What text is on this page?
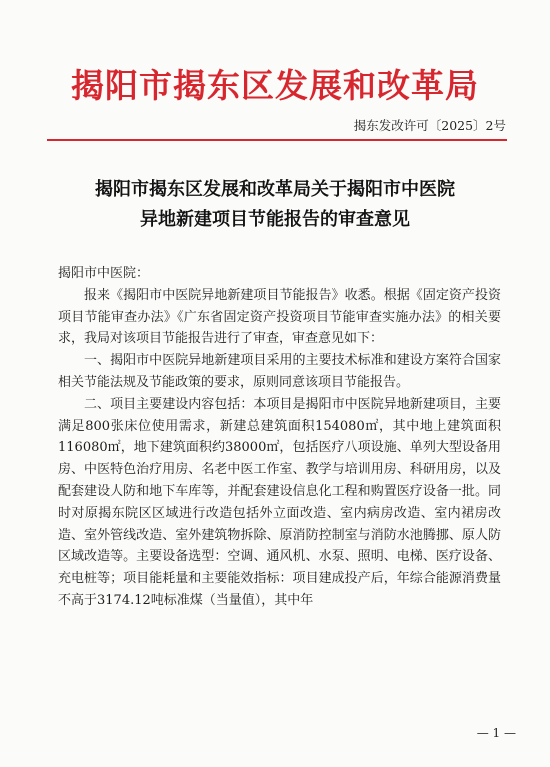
揭阳市揭东区发展和改革局
揭东发改许可〔2025〕2号
揭阳市揭东区发展和改革局关于揭阳市中医院
异地新建项目节能报告的审查意见

揭阳市中医院：

报来《揭阳市中医院异地新建项目节能报告》收悉。根据《固定资产投资项目节能审查办法》《广东省固定资产投资项目节能审查实施办法》的相关要求，我局对该项目节能报告进行了审查，审查意见如下：

一、揭阳市中医院异地新建项目采用的主要技术标准和建设方案符合国家相关节能法规及节能政策的要求，原则同意该项目节能报告。

二、项目主要建设内容包括：本项目是揭阳市中医院异地新建项目，主要满足800张床位使用需求，新建总建筑面积154080㎡，其中地上建筑面积116080㎡，地下建筑面积约38000㎡，包括医疗八项设施、单列大型设备用房、中医特色治疗用房、名老中医工作室、教学与培训用房、科研用房，以及配套建设人防和地下车库等，并配套建设信息化工程和购置医疗设备一批。同时对原揭东院区区域进行改造包括外立面改造、室内病房改造、室内裙房改造、室外管线改造、室外建筑物拆除、原消防控制室与消防水池腾挪、原人防区域改造等。主要设备选型：空调、通风机、水泵、照明、电梯、医疗设备、充电桩等；项目能耗量和主要能效指标：项目建成投产后，年综合能源消费量不高于3174.12吨标准煤（当量值），其中年

— 1 —
